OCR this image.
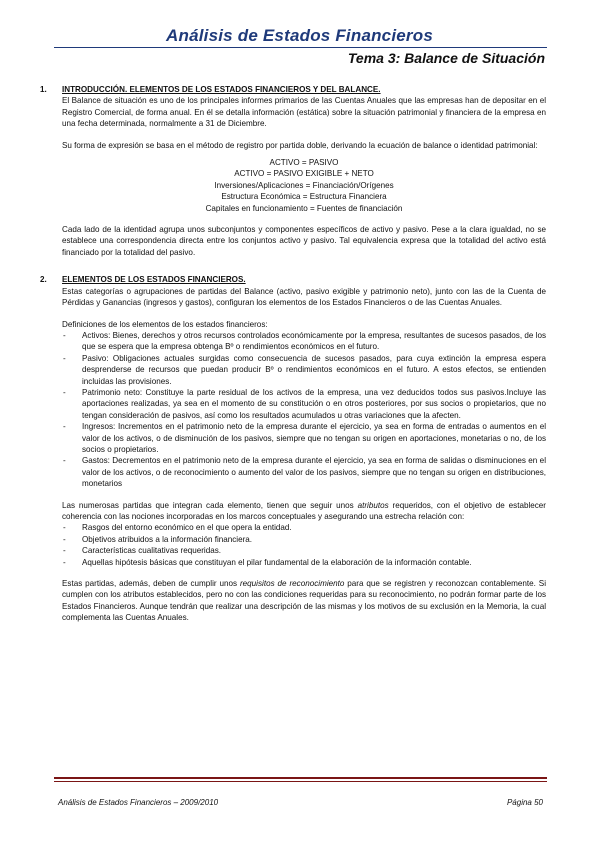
Análisis de Estados Financieros
Tema 3: Balance de Situación
1. INTRODUCCIÓN. ELEMENTOS DE LOS ESTADOS FINANCIEROS Y DEL BALANCE.

El Balance de situación es uno de los principales informes primarios de las Cuentas Anuales que las empresas han de depositar en el Registro Comercial, de forma anual. En él se detalla información (estática) sobre la situación patrimonial y financiera de la empresa en una fecha determinada, normalmente a 31 de Diciembre.

Su forma de expresión se basa en el método de registro por partida doble, derivando la ecuación de balance o identidad patrimonial:

ACTIVO = PASIVO
ACTIVO = PASIVO EXIGIBLE + NETO
Inversiones/Aplicaciones = Financiación/Orígenes
Estructura Económica = Estructura Financiera
Capitales en funcionamiento = Fuentes de financiación

Cada lado de la identidad agrupa unos subconjuntos y componentes específicos de activo y pasivo. Pese a la clara igualdad, no se establece una correspondencia directa entre los conjuntos activo y pasivo. Tal equivalencia expresa que la totalidad del activo está financiado por la totalidad del pasivo.

2. ELEMENTOS DE LOS ESTADOS FINANCIEROS.

Estas categorías o agrupaciones de partidas del Balance (activo, pasivo exigible y patrimonio neto), junto con las de la Cuenta de Pérdidas y Ganancias (ingresos y gastos), configuran los elementos de los Estados Financieros o de las Cuentas Anuales.

Definiciones de los elementos de los estados financieros:

- Activos: Bienes, derechos y otros recursos controlados económicamente por la empresa, resultantes de sucesos pasados, de los que se espera que la empresa obtenga Bº o rendimientos económicos en el futuro.
- Pasivo: Obligaciones actuales surgidas como consecuencia de sucesos pasados, para cuya extinción la empresa espera desprenderse de recursos que puedan producir Bº o rendimientos económicos en el futuro. A estos efectos, se entienden incluidas las provisiones.
- Patrimonio neto: Constituye la parte residual de los activos de la empresa, una vez deducidos todos sus pasivos.Incluye las aportaciones realizadas, ya sea en el momento de su constitución o en otros posteriores, por sus socios o propietarios, que no tengan consideración de pasivos, así como los resultados acumulados u otras variaciones que la afecten.
- Ingresos: Incrementos en el patrimonio neto de la empresa durante el ejercicio, ya sea en forma de entradas o aumentos en el valor de los activos, o de disminución de los pasivos, siempre que no tengan su origen en aportaciones, monetarias o no, de los socios o propietarios.
- Gastos: Decrementos en el patrimonio neto de la empresa durante el ejercicio, ya sea en forma de salidas o disminuciones en el valor de los activos, o de reconocimiento o aumento del valor de los pasivos, siempre que no tengan su origen en distribuciones, monetarios

Las numerosas partidas que integran cada elemento, tienen que seguir unos atributos requeridos, con el objetivo de establecer coherencia con las nociones incorporadas en los marcos conceptuales y asegurando una estrecha relación con:

- Rasgos del entorno económico en el que opera la entidad.
- Objetivos atribuidos a la información financiera.
- Características cualitativas requeridas.
- Aquellas hipótesis básicas que constituyan el pilar fundamental de la elaboración de la información contable.

Estas partidas, además, deben de cumplir unos requisitos de reconocimiento para que se registren y reconozcan contablemente. Si cumplen con los atributos establecidos, pero no con las condiciones requeridas para su reconocimiento, no podrán formar parte de los Estados Financieros. Aunque tendrán que realizar una descripción de las mismas y los motivos de su exclusión en la Memoria, la cual complementa las Cuentas Anuales.

Análisis de Estados Financieros – 2009/2010	Página 50
